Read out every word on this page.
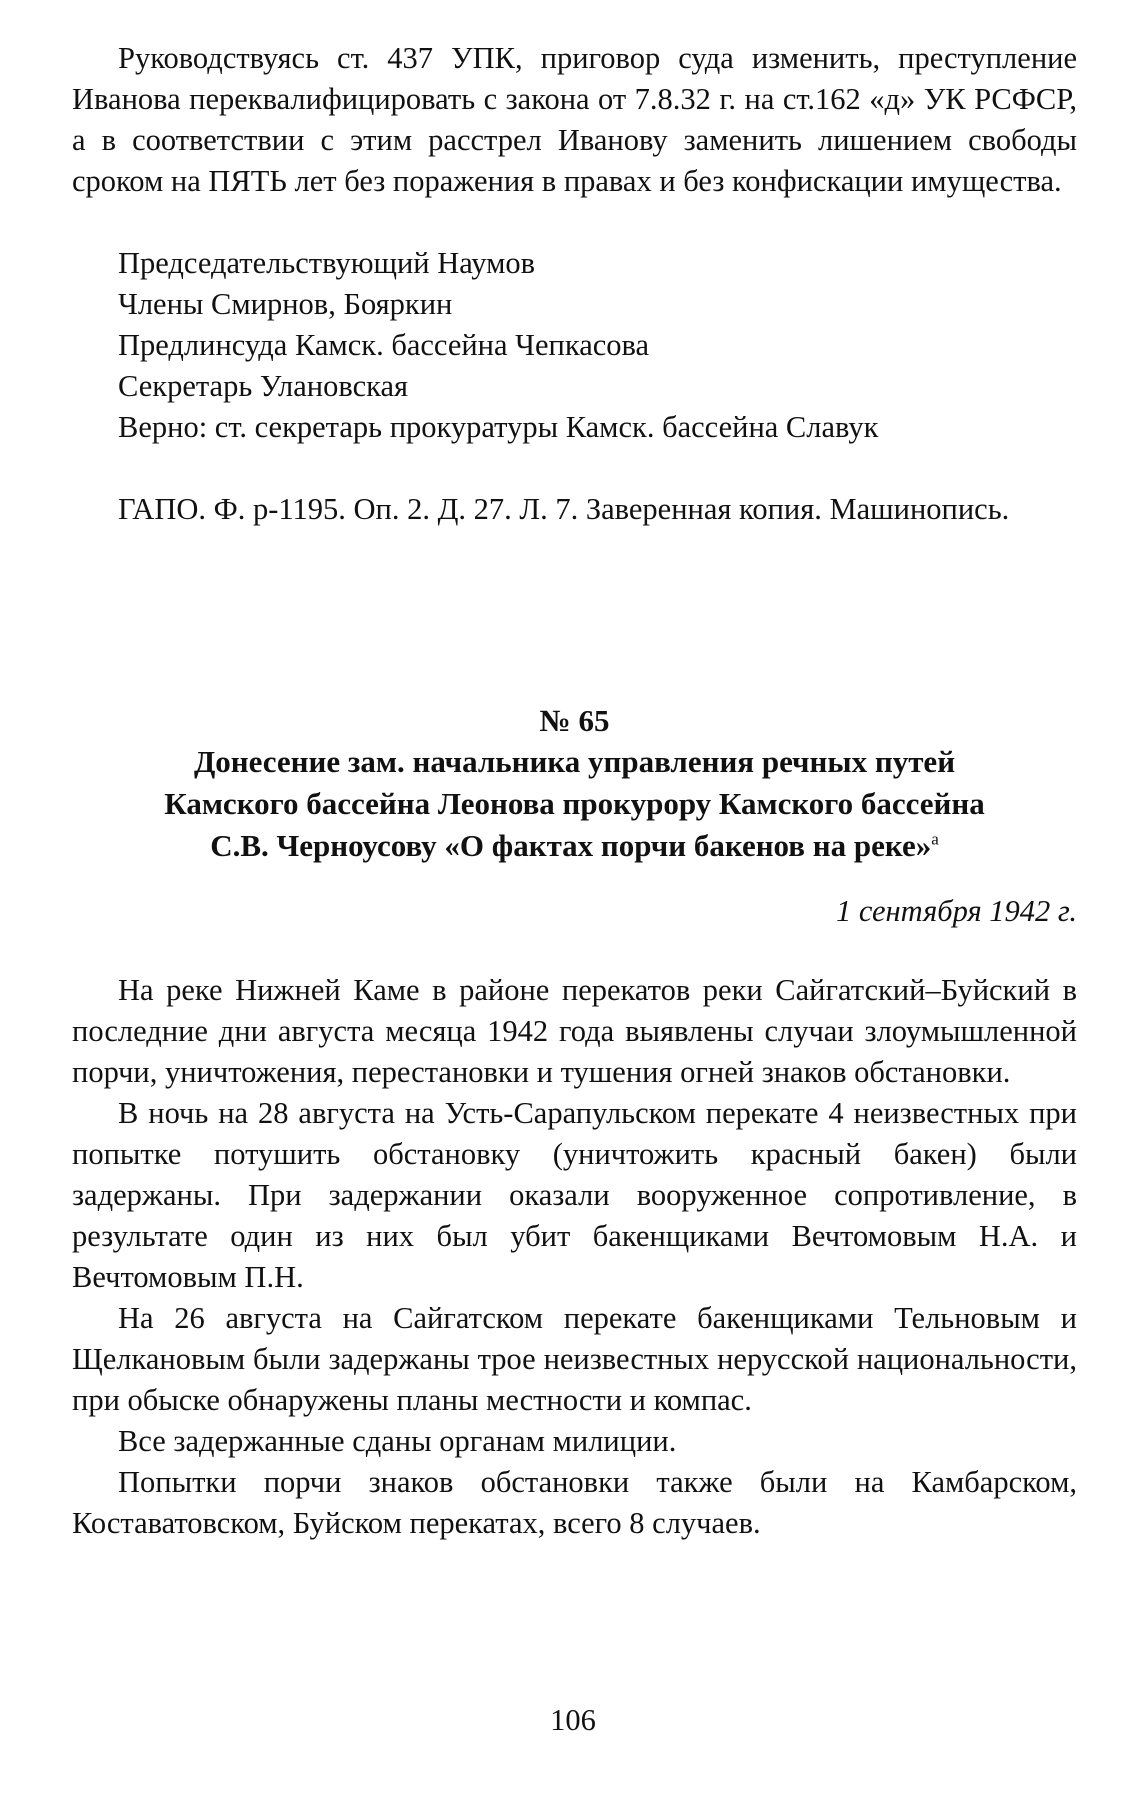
Руководствуясь ст. 437 УПК, приговор суда изменить, преступление Иванова переквалифицировать с закона от 7.8.32 г. на ст.162 «д» УК РСФСР, а в соответствии с этим расстрел Иванову заменить лишением свободы сроком на ПЯТЬ лет без поражения в правах и без конфискации имущества.

Председательствующий Наумов
Члены Смирнов, Бояркин
Предлинсуда Камск. бассейна Чепкасова
Секретарь Улановская
Верно: ст. секретарь прокуратуры Камск. бассейна Славук

ГАПО. Ф. р-1195. Оп. 2. Д. 27. Л. 7. Заверенная копия. Машинопись.

№ 65
Донесение зам. начальника управления речных путей
Камского бассейна Леонова прокурору Камского бассейна
С.В. Черноусову «О фактах порчи бакенов на реке»$^а$
1 сентября 1942 г.

На реке Нижней Каме в районе перекатов реки Сайгатский–Буйский в последние дни августа месяца 1942 года выявлены случаи злоумышленной порчи, уничтожения, перестановки и тушения огней знаков обстановки.

В ночь на 28 августа на Усть-Сарапульском перекате 4 неизвестных при попытке потушить обстановку (уничтожить красный бакен) были задержаны. При задержании оказали вооруженное сопротивление, в результате один из них был убит бакенщиками Вечтомовым Н.А. и Вечтомовым П.Н.

На 26 августа на Сайгатском перекате бакенщиками Тельновым и Щелкановым были задержаны трое неизвестных нерусской национальности, при обыске обнаружены планы местности и компас.

Все задержанные сданы органам милиции.

Попытки порчи знаков обстановки также были на Камбарском, Коставатовском, Буйском перекатах, всего 8 случаев.

106
